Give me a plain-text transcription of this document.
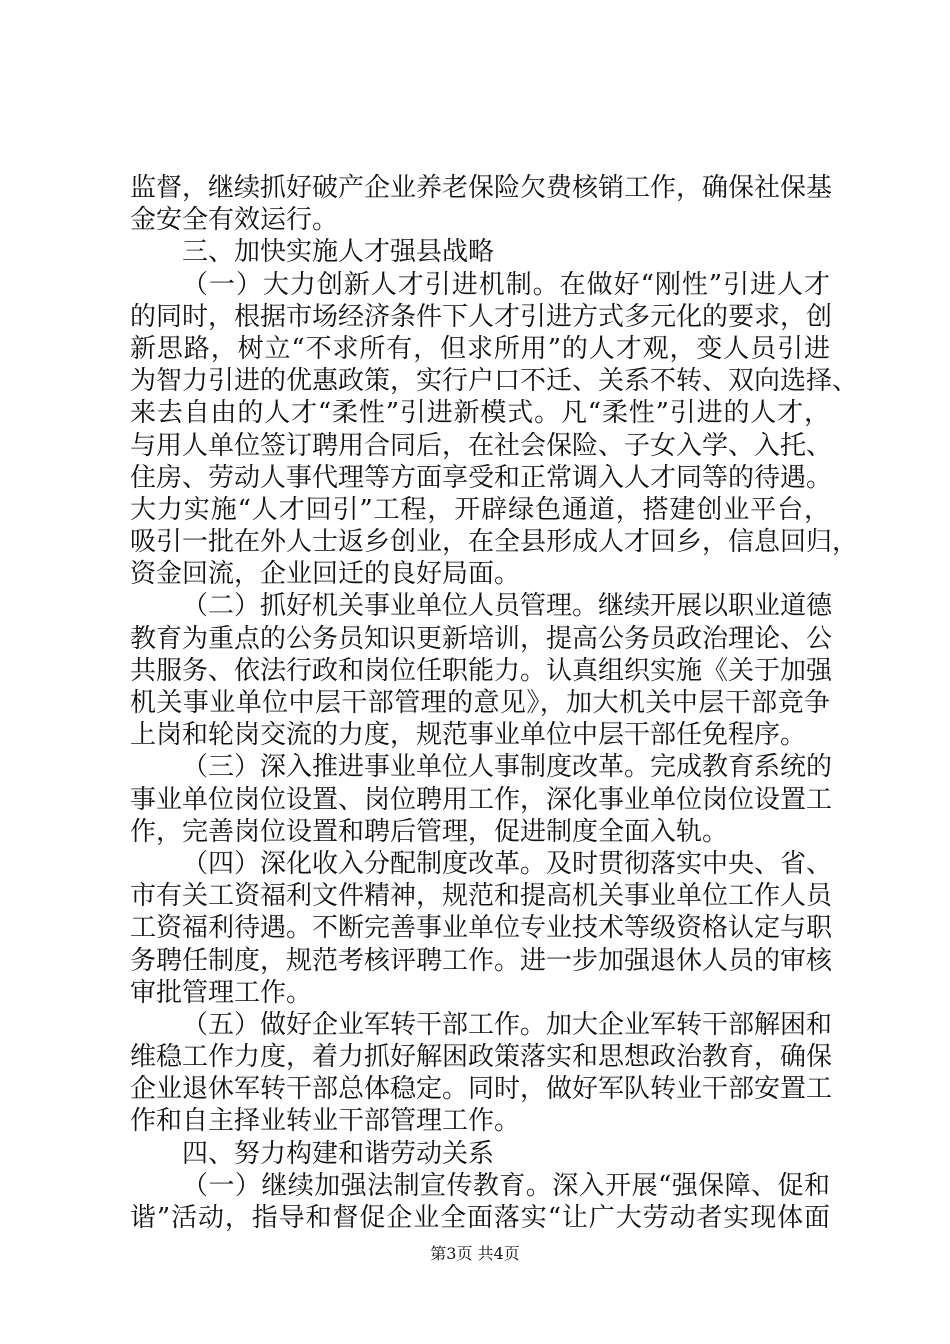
监督，继续抓好破产企业养老保险欠费核销工作，确保社保基
金安全有效运行。
三、加快实施人才强县战略
（一）大力创新人才引进机制。在做好“刚性”引进人才
的同时，根据市场经济条件下人才引进方式多元化的要求，创
新思路，树立“不求所有，但求所用”的人才观，变人员引进
为智力引进的优惠政策，实行户口不迁、关系不转、双向选择、
来去自由的人才“柔性”引进新模式。凡“柔性”引进的人才，
与用人单位签订聘用合同后，在社会保险、子女入学、入托、
住房、劳动人事代理等方面享受和正常调入人才同等的待遇。
大力实施“人才回引”工程，开辟绿色通道，搭建创业平台，
吸引一批在外人士返乡创业，在全县形成人才回乡，信息回归，
资金回流，企业回迁的良好局面。
（二）抓好机关事业单位人员管理。继续开展以职业道德
教育为重点的公务员知识更新培训，提高公务员政治理论、公
共服务、依法行政和岗位任职能力。认真组织实施《关于加强
机关事业单位中层干部管理的意见》，加大机关中层干部竞争
上岗和轮岗交流的力度，规范事业单位中层干部任免程序。
（三）深入推进事业单位人事制度改革。完成教育系统的
事业单位岗位设置、岗位聘用工作，深化事业单位岗位设置工
作，完善岗位设置和聘后管理，促进制度全面入轨。
（四）深化收入分配制度改革。及时贯彻落实中央、省、
市有关工资福利文件精神，规范和提高机关事业单位工作人员
工资福利待遇。不断完善事业单位专业技术等级资格认定与职
务聘任制度，规范考核评聘工作。进一步加强退休人员的审核
审批管理工作。
（五）做好企业军转干部工作。加大企业军转干部解困和
维稳工作力度，着力抓好解困政策落实和思想政治教育，确保
企业退休军转干部总体稳定。同时，做好军队转业干部安置工
作和自主择业转业干部管理工作。
四、努力构建和谐劳动关系
（一）继续加强法制宣传教育。深入开展“强保障、促和
谐”活动，指导和督促企业全面落实“让广大劳动者实现体面
第3页 共4页
